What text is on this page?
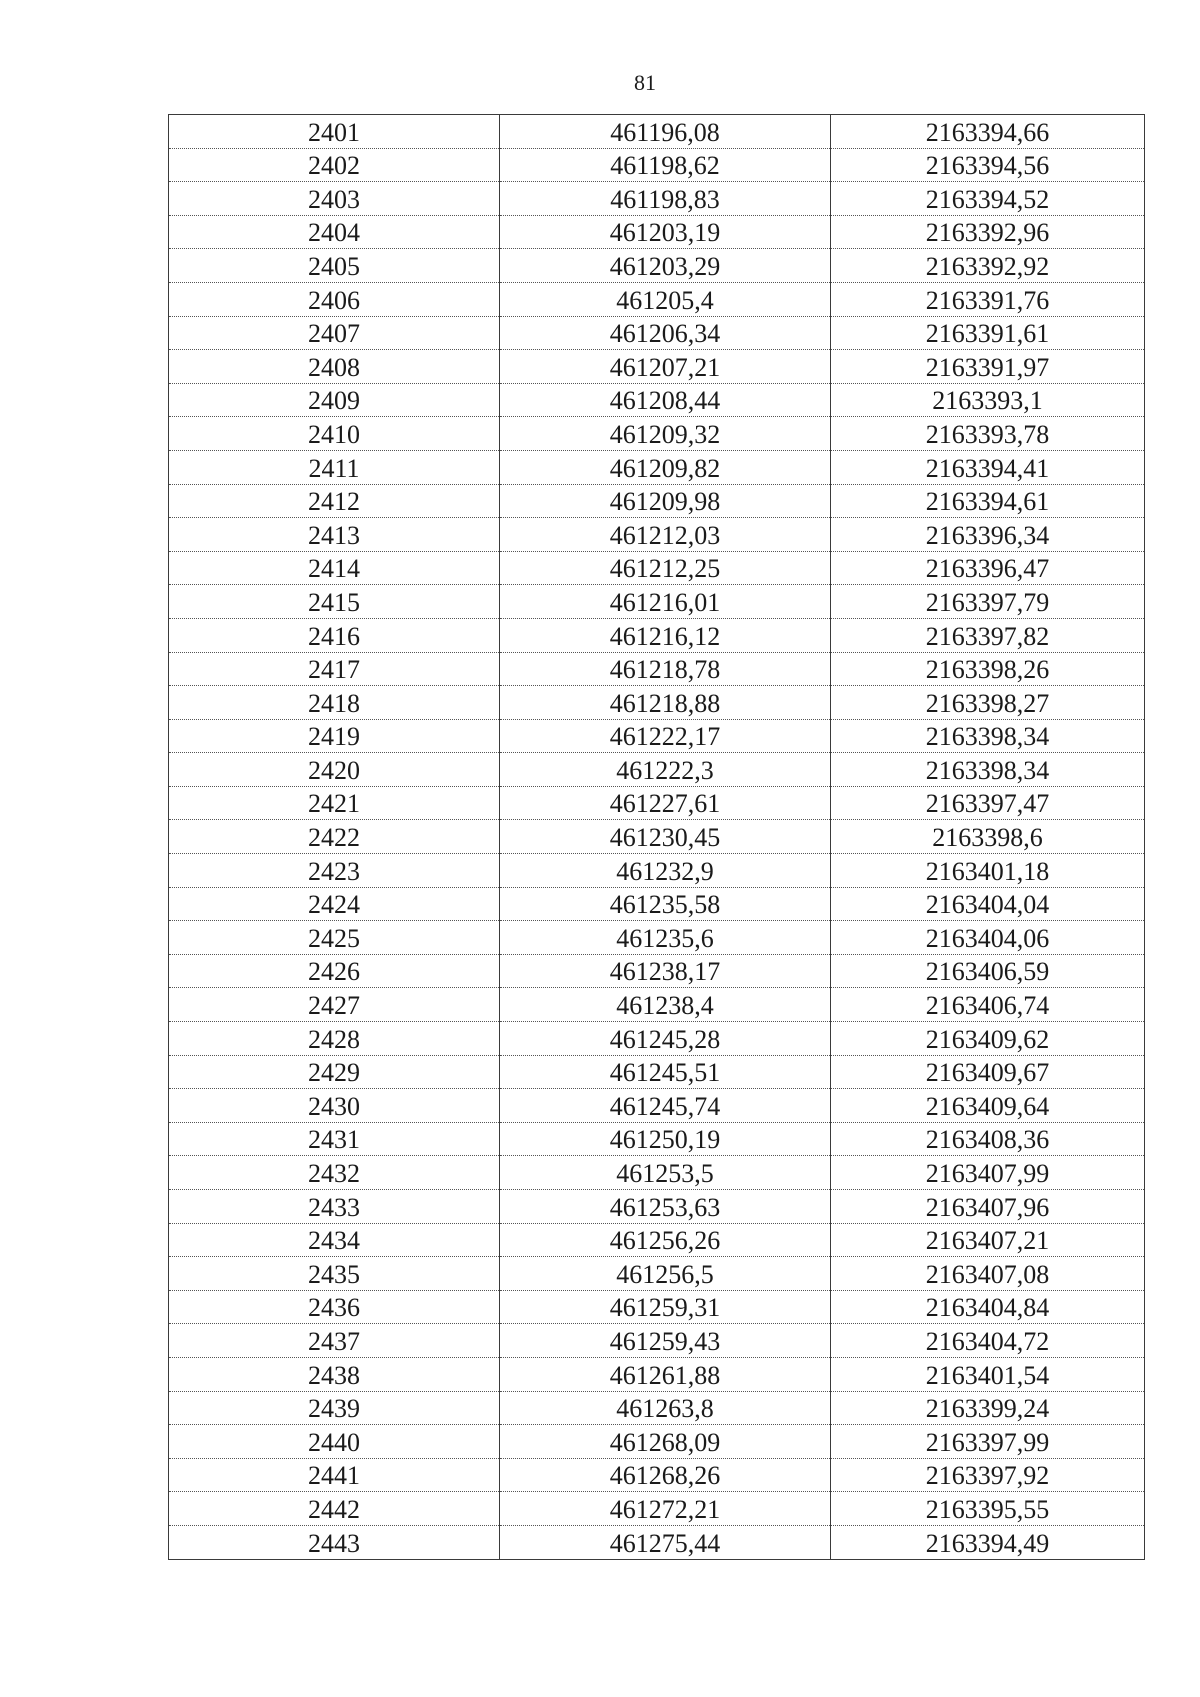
81
2401	461196,08	2163394,66
2402	461198,62	2163394,56
2403	461198,83	2163394,52
2404	461203,19	2163392,96
2405	461203,29	2163392,92
2406	461205,4	2163391,76
2407	461206,34	2163391,61
2408	461207,21	2163391,97
2409	461208,44	2163393,1
2410	461209,32	2163393,78
2411	461209,82	2163394,41
2412	461209,98	2163394,61
2413	461212,03	2163396,34
2414	461212,25	2163396,47
2415	461216,01	2163397,79
2416	461216,12	2163397,82
2417	461218,78	2163398,26
2418	461218,88	2163398,27
2419	461222,17	2163398,34
2420	461222,3	2163398,34
2421	461227,61	2163397,47
2422	461230,45	2163398,6
2423	461232,9	2163401,18
2424	461235,58	2163404,04
2425	461235,6	2163404,06
2426	461238,17	2163406,59
2427	461238,4	2163406,74
2428	461245,28	2163409,62
2429	461245,51	2163409,67
2430	461245,74	2163409,64
2431	461250,19	2163408,36
2432	461253,5	2163407,99
2433	461253,63	2163407,96
2434	461256,26	2163407,21
2435	461256,5	2163407,08
2436	461259,31	2163404,84
2437	461259,43	2163404,72
2438	461261,88	2163401,54
2439	461263,8	2163399,24
2440	461268,09	2163397,99
2441	461268,26	2163397,92
2442	461272,21	2163395,55
2443	461275,44	2163394,49
